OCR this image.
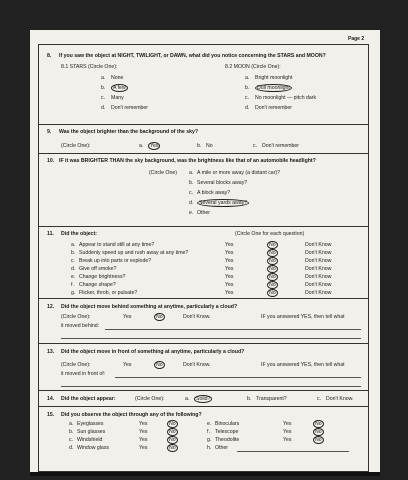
Page 2
8. If you saw the object at NIGHT, TWILIGHT, or DAWN, what did you notice concerning the STARS and MOON?
8.1 STARS (Circle One):	8.2 MOON (Circle One):
a. None
b.	A few
c. Many
d. Don't remember
a. Bright moonlight
b.	Dull moonlight
c. No moonlight — pitch dark
d. Don't remember
9. Was the object brighter than the background of the sky?
(Circle One):	a.	Yes	b. No	c. Don't remember
10. IF it was BRIGHTER THAN the sky background, was the brightness like that of an automobile headlight?
(Circle One) a. A mile or more away (a distant car)?
b. Several blocks away?
c. A block away?
d.	Several yards away?
e. Other
11. Did the object:	(Circle One for each question)
a. Appear to stand still at any time?	Yes	No	Don't Know
b. Suddenly speed up and rush away at any time?	Yes	No	Don't Know
c. Break up into parts or explode?	Yes	No	Don't Know
d. Give off smoke?	Yes	No	Don't Know
e. Change brightness?	Yes	No	Don't Know
f. Change shape?	Yes	No	Don't Know
g. Flicker, throb, or pulsate?	Yes	No	Don't Know
12. Did the object move behind something at anytime, particularly a cloud?
(Circle One):	Yes	No	Don't Know.	IF you answered YES, then tell what
it moved behind:
13. Did the object move in front of something at anytime, particularly a cloud?
(Circle One):	Yes	No	Don't Know.	IF you answered YES, then tell what
it moved in front of:
14. Did the object appear:	(Circle One):	a.	Solid?	b. Transparent?	c. Don't Know.
15. Did you observe the object through any of the following?
a. Eyeglasses	Yes	No
b. Sun glasses	Yes	No
c. Windshield	Yes	No
d. Window glass	Yes	No
e. Binoculars	Yes	No
f. Telescope	Yes	No
g. Theodolite	Yes	No
h. Other
